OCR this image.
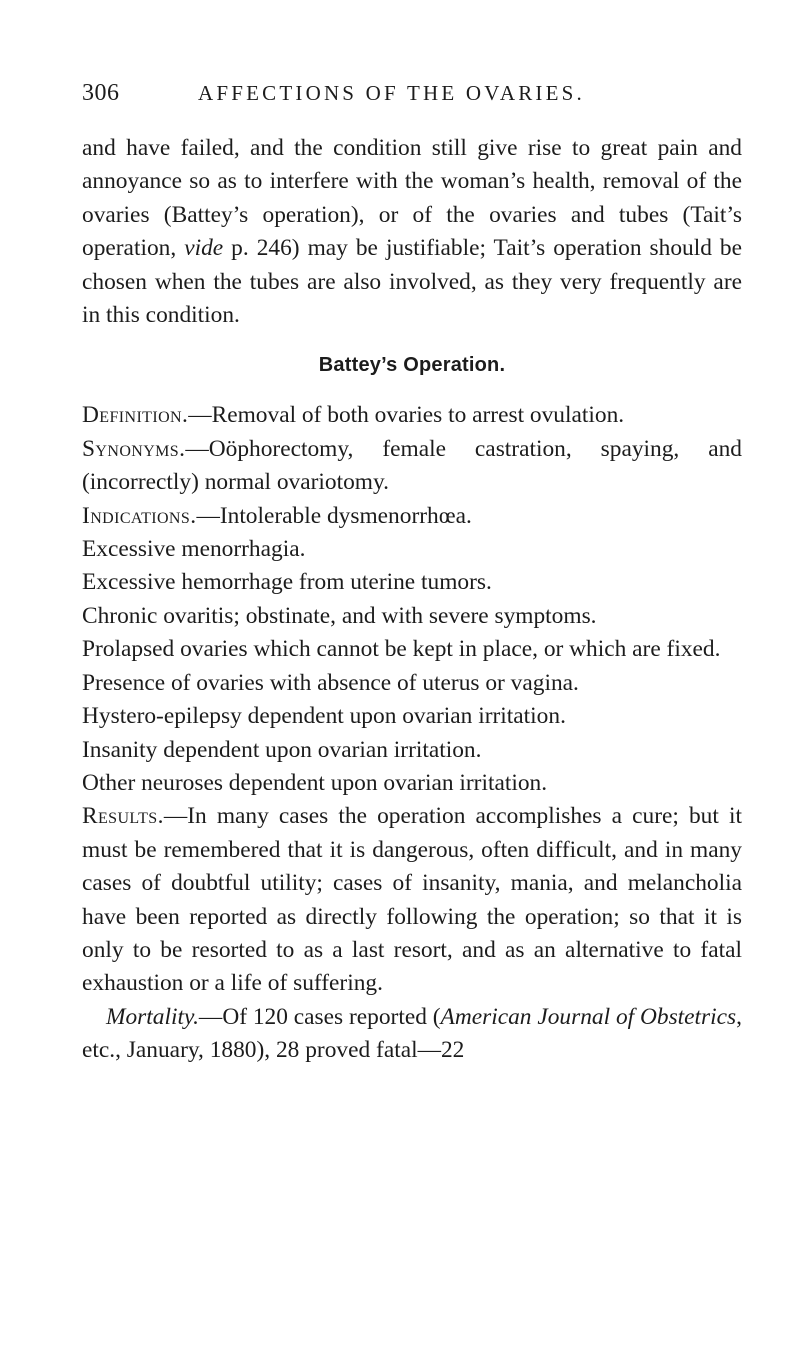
306	AFFECTIONS OF THE OVARIES.

and have failed, and the condition still give rise to great pain and annoyance so as to interfere with the woman’s health, removal of the ovaries (Battey’s operation), or of the ovaries and tubes (Tait’s operation, vide p. 246) may be justifiable; Tait’s operation should be chosen when the tubes are also involved, as they very frequently are in this condition.

Battey’s Operation.

Definition.—Removal of both ovaries to arrest ovulation.

Synonyms.—Oöphorectomy, female castration, spaying, and (incorrectly) normal ovariotomy.

Indications.—Intolerable dysmenorrhœa.

Excessive menorrhagia.

Excessive hemorrhage from uterine tumors.

Chronic ovaritis; obstinate, and with severe symptoms.

Prolapsed ovaries which cannot be kept in place, or which are fixed.

Presence of ovaries with absence of uterus or vagina.

Hystero-epilepsy dependent upon ovarian irritation.

Insanity dependent upon ovarian irritation.

Other neuroses dependent upon ovarian irritation.

Results.—In many cases the operation accomplishes a cure; but it must be remembered that it is dangerous, often difficult, and in many cases of doubtful utility; cases of insanity, mania, and melancholia have been reported as directly following the operation; so that it is only to be resorted to as a last resort, and as an alternative to fatal exhaustion or a life of suffering.

Mortality.—Of 120 cases reported (American Journal of Obstetrics, etc., January, 1880), 28 proved fatal—22
